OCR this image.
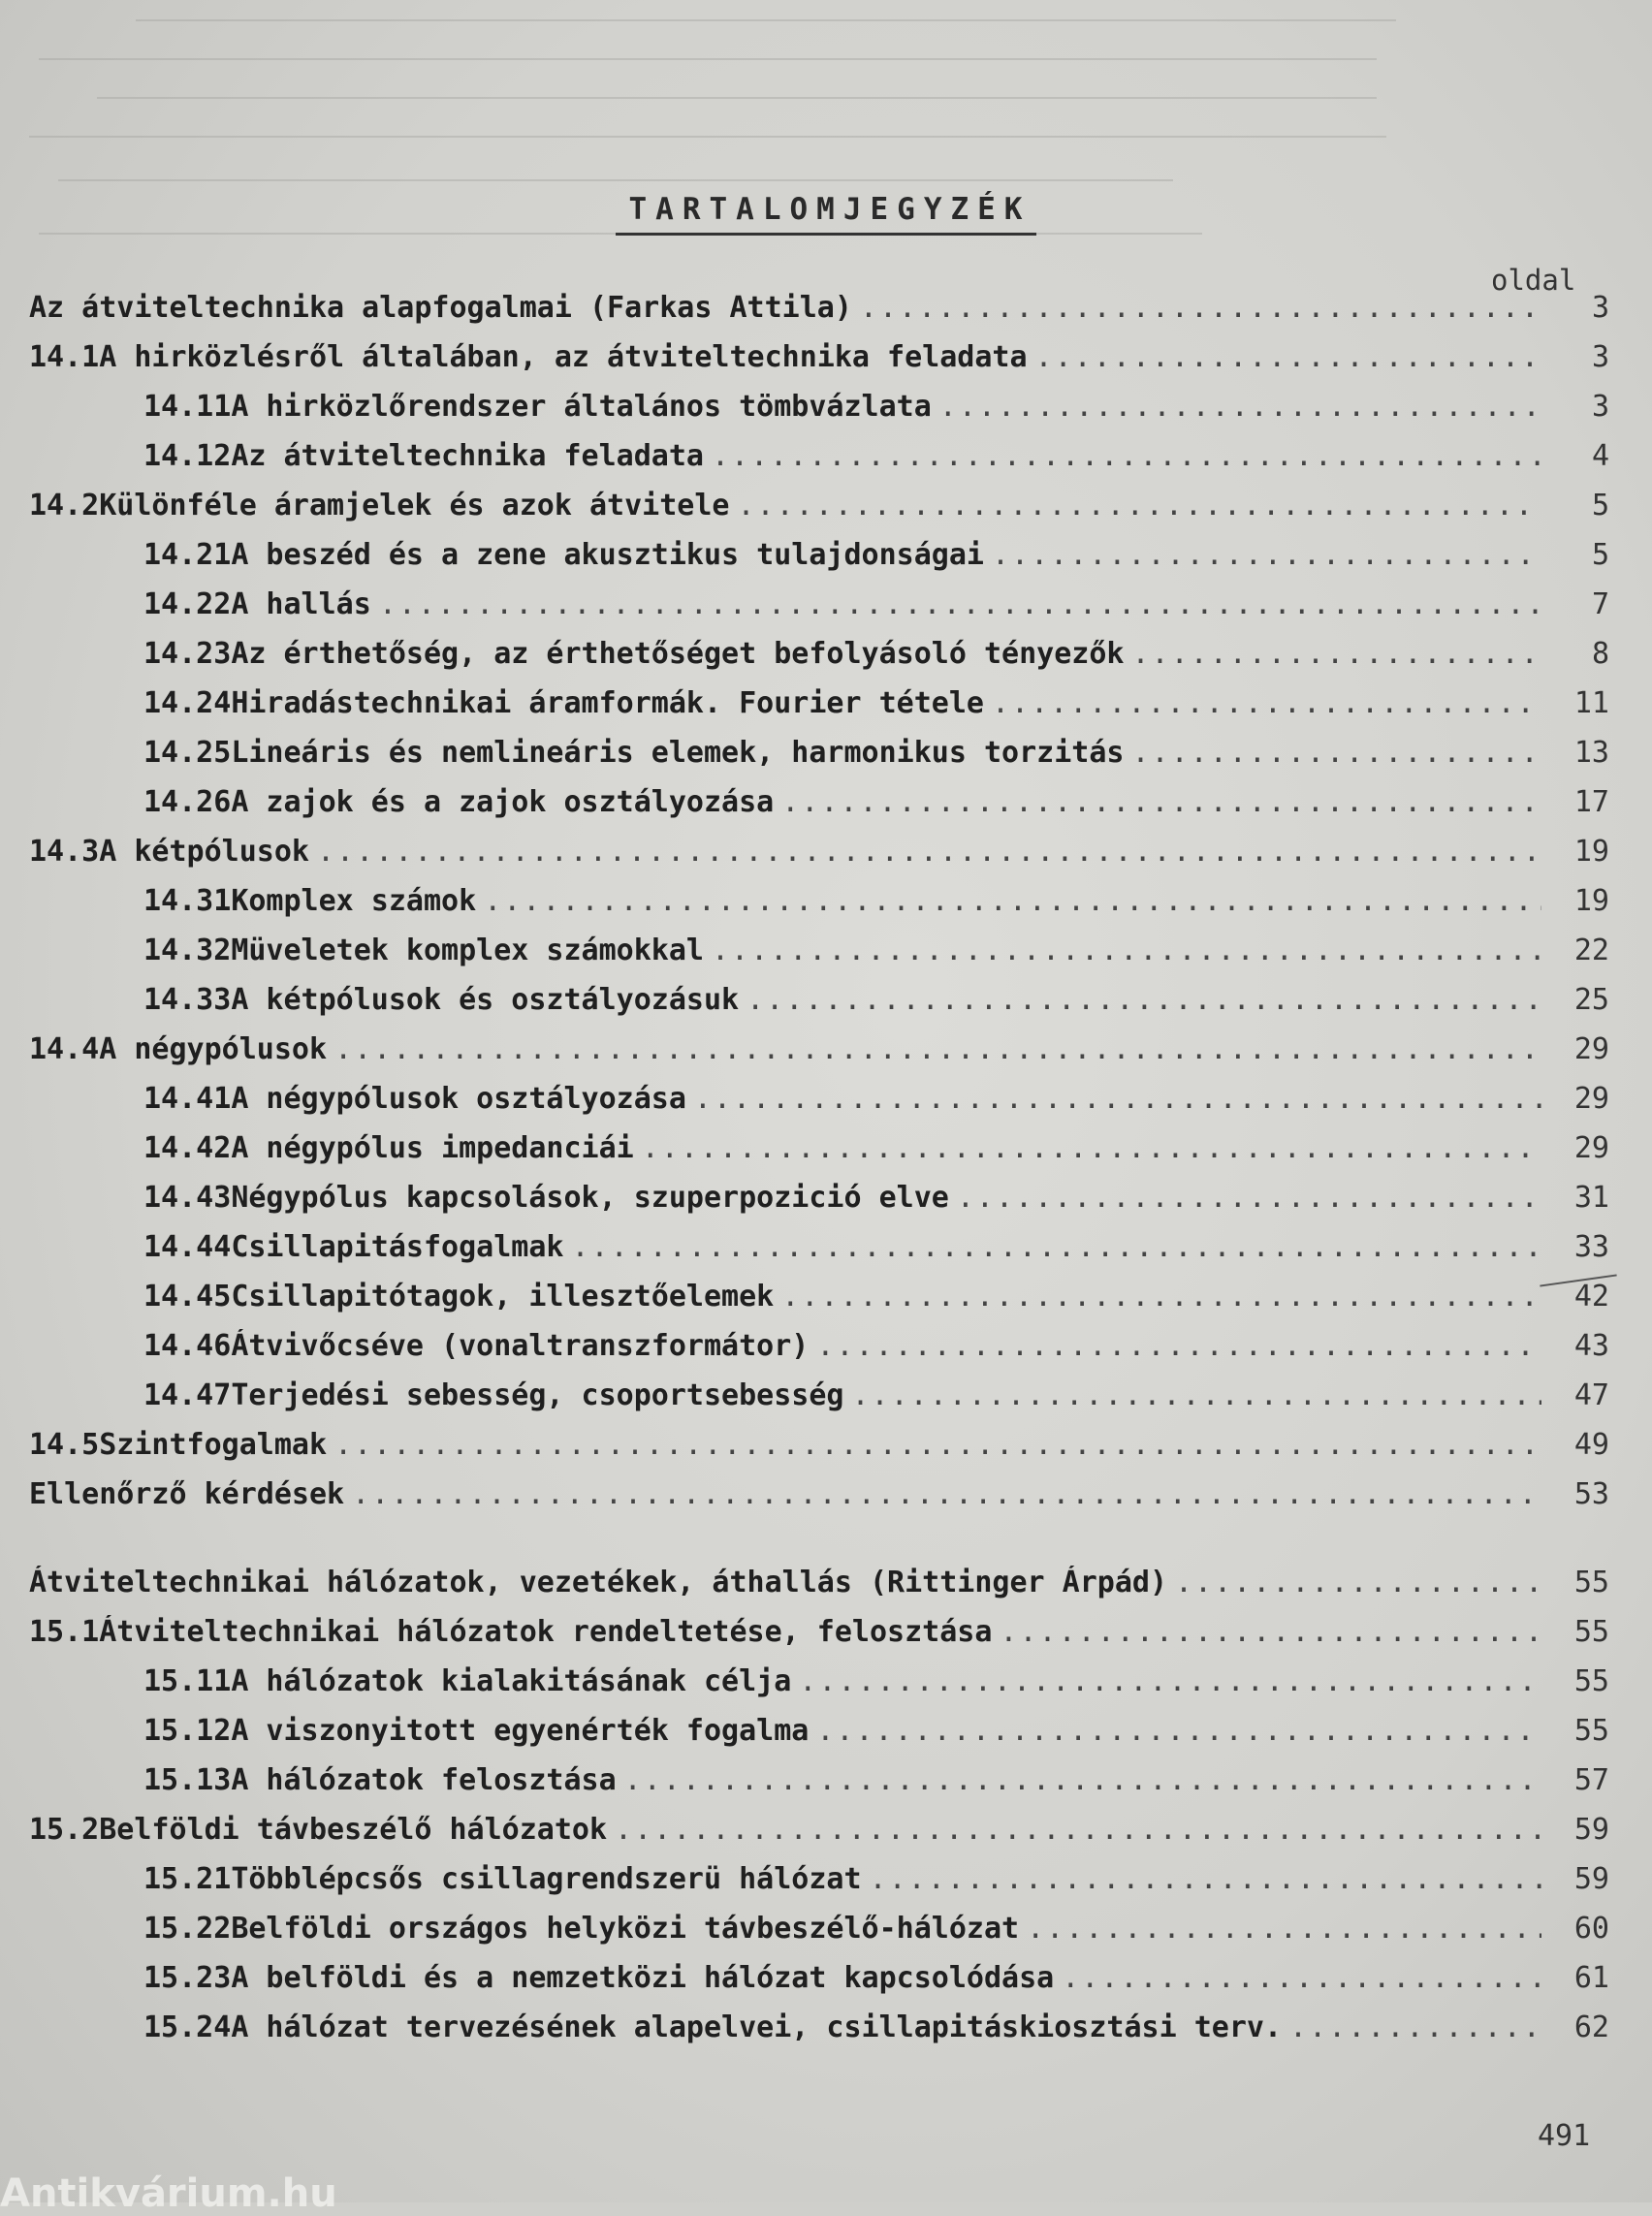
TARTALOMJEGYZÉK
oldal
Az átviteltechnika alapfogalmai (Farkas Attila) .....	3
14.1 A hirközlésről általában, az átviteltechnika feladata .....	3
14.11 A hirközlőrendszer általános tömbvázlata .....	3
14.12 Az átviteltechnika feladata .....	4
14.2 Különféle áramjelek és azok átvitele .....	5
14.21 A beszéd és a zene akusztikus tulajdonságai .....	5
14.22 A hallás .....	7
14.23 Az érthetőség, az érthetőséget befolyásoló tényezők .....	8
14.24 Hiradástechnikai áramformák. Fourier tétele .....	11
14.25 Lineáris és nemlineáris elemek, harmonikus torzitás .....	13
14.26 A zajok és a zajok osztályozása .....	17
14.3 A kétpólusok .....	19
14.31 Komplex számok .....	19
14.32 Müveletek komplex számokkal .....	22
14.33 A kétpólusok és osztályozásuk .....	25
14.4 A négypólusok .....	29
14.41 A négypólusok osztályozása .....	29
14.42 A négypólus impedanciái .....	29
14.43 Négypólus kapcsolások, szuperpozició elve .....	31
14.44 Csillapitásfogalmak .....	33
14.45 Csillapitótagok, illesztőelemek .....	42
14.46 Átvivőcséve (vonaltranszformátor) .....	43
14.47 Terjedési sebesség, csoportsebesség .....	47
14.5 Szintfogalmak .....	49
Ellenőrző kérdések .....	53
Átviteltechnikai hálózatok, vezetékek, áthallás (Rittinger Árpád) .....	55
15.1 Átviteltechnikai hálózatok rendeltetése, felosztása .....	55
15.11 A hálózatok kialakitásának célja .....	55
15.12 A viszonyitott egyenérték fogalma .....	55
15.13 A hálózatok felosztása .....	57
15.2 Belföldi távbeszélő hálózatok .....	59
15.21 Többlépcsős csillagrendszerü hálózat .....	59
15.22 Belföldi országos helyközi távbeszélő-hálózat .....	60
15.23 A belföldi és a nemzetközi hálózat kapcsolódása .....	61
15.24 A hálózat tervezésének alapelvei, csillapitáskiosztási terv. .....	62
491
Antikvárium.hu
